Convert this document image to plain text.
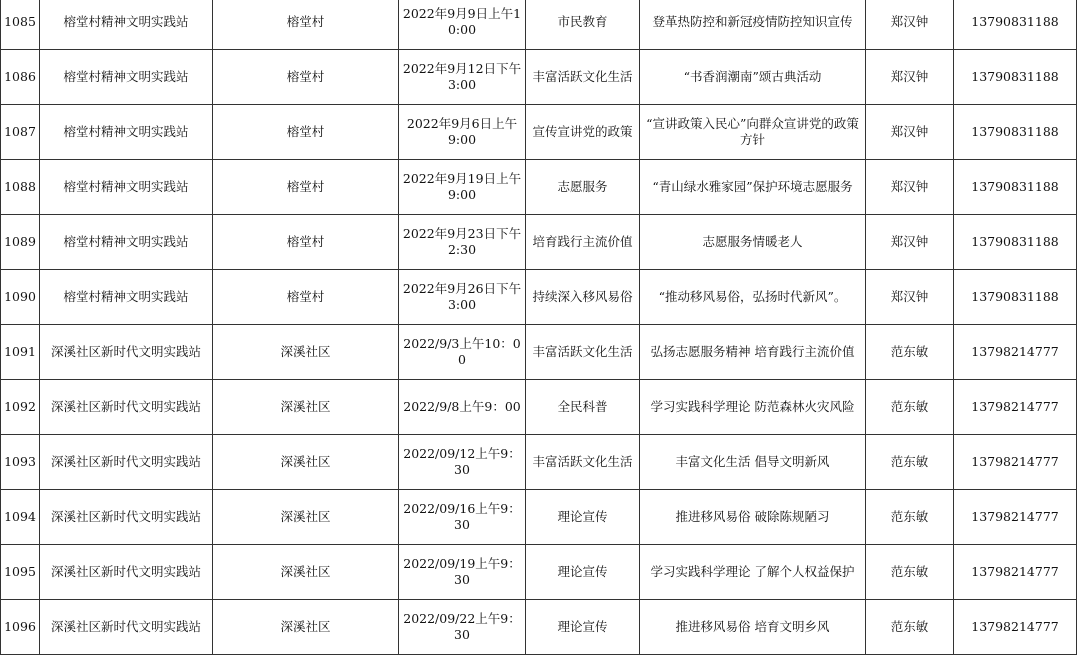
1085	榕堂村精神文明实践站	榕堂村	2022年9月9日上午10:00	市民教育	登革热防控和新冠疫情防控知识宣传	郑汉钟	13790831188
1086	榕堂村精神文明实践站	榕堂村	2022年9月12日下午3:00	丰富活跃文化生活	“书香润潮南”颂古典活动	郑汉钟	13790831188
1087	榕堂村精神文明实践站	榕堂村	2022年9月6日上午9:00	宣传宣讲党的政策	“宣讲政策入民心”向群众宣讲党的政策方针	郑汉钟	13790831188
1088	榕堂村精神文明实践站	榕堂村	2022年9月19日上午9:00	志愿服务	“青山绿水雅家园”保护环境志愿服务	郑汉钟	13790831188
1089	榕堂村精神文明实践站	榕堂村	2022年9月23日下午2:30	培育践行主流价值	志愿服务情暖老人	郑汉钟	13790831188
1090	榕堂村精神文明实践站	榕堂村	2022年9月26日下午3:00	持续深入移风易俗	“推动移风易俗，弘扬时代新风”。	郑汉钟	13790831188
1091	深溪社区新时代文明实践站	深溪社区	2022/9/3上午10：00	丰富活跃文化生活	弘扬志愿服务精神 培育践行主流价值	范东敏	13798214777
1092	深溪社区新时代文明实践站	深溪社区	2022/9/8上午9：00	全民科普	学习实践科学理论 防范森林火灾风险	范东敏	13798214777
1093	深溪社区新时代文明实践站	深溪社区	2022/09/12上午9：30	丰富活跃文化生活	丰富文化生活 倡导文明新风	范东敏	13798214777
1094	深溪社区新时代文明实践站	深溪社区	2022/09/16上午9：30	理论宣传	推进移风易俗 破除陈规陋习	范东敏	13798214777
1095	深溪社区新时代文明实践站	深溪社区	2022/09/19上午9：30	理论宣传	学习实践科学理论 了解个人权益保护	范东敏	13798214777
1096	深溪社区新时代文明实践站	深溪社区	2022/09/22上午9：30	理论宣传	推进移风易俗 培育文明乡风	范东敏	13798214777
